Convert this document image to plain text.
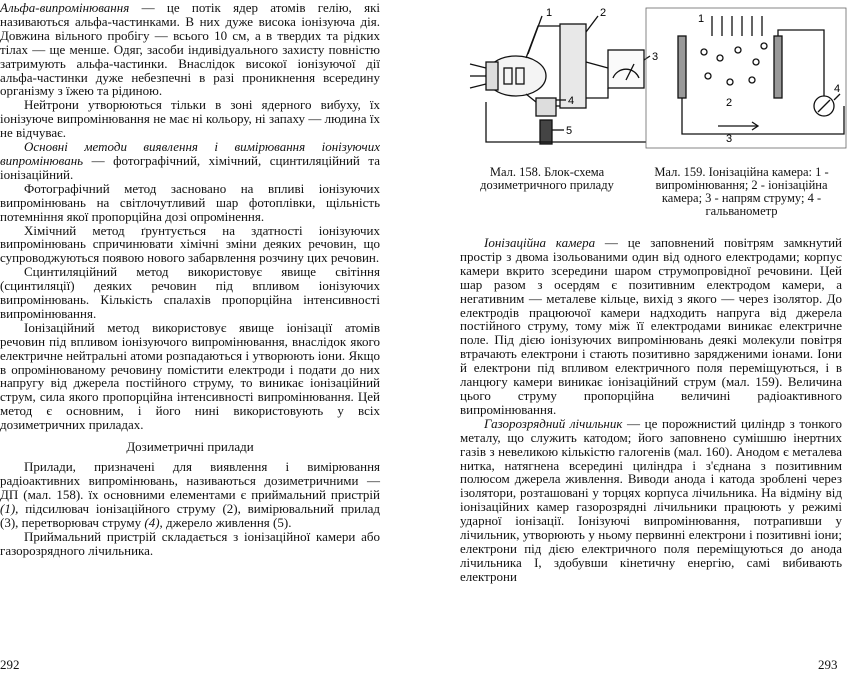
Альфа-випромінювання — це потік ядер атомів гелію, які називаються альфа-частинками. В них дуже висока іонізуюча дія. Довжина вільного пробігу — всього 10 см, а в твердих та рідких тілах — ще менше. Одяг, засоби індивідуального захисту повністю затримують альфа-частинки. Внаслідок високої іонізуючої дії альфа-частинки дуже небезпечні в разі проникнення всередину організму з їжею та рідиною.

Нейтрони утворюються тільки в зоні ядерного вибуху, їх іонізуюче випромінювання не має ні кольору, ні запаху — людина їх не відчуває.

Основні методи виявлення і вимірювання іонізуючих випромінювань — фотографічний, хімічний, сцинтиляційний та іонізаційний.

Фотографічний метод засновано на впливі іонізуючих випромінювань на світлочутливий шар фотоплівки, щільність потемніння якої пропорційна дозі опромінення.

Хімічний метод ґрунтується на здатності іонізуючих випромінювань спричинювати хімічні зміни деяких речовин, що супроводжуються появою нового забарвлення розчину цих речовин.

Сцинтиляційний метод використовує явище світіння (сцинтиляції) деяких речовин під впливом іонізуючих випромінювань. Кількість спалахів пропорційна інтенсивності випромінювання.

Іонізаційний метод використовує явище іонізації атомів речовин під впливом іонізуючого випромінювання, внаслідок якого електричне нейтральні атоми розпадаються і утворюють іони. Якщо в опромінюваному речовину помістити електроди і подати до них напругу від джерела постійного струму, то виникає іонізаційний струм, сила якого пропорційна інтенсивності випромінювання. Цей метод є основним, і його нині використовують у всіх дозиметричних приладах.

Дозиметричні прилади

Прилади, призначені для виявлення і вимірювання радіоактивних випромінювань, називаються дозиметричними — ДП (мал. 158). їх основними елементами є приймальний пристрій (1), підсилювач іонізаційного струму (2), вимірювальний прилад (3), перетворювач струму (4), джерело живлення (5).

Приймальний пристрій складається з іонізаційної камери або газорозрядного лічильника.

292
1	2
3
4
5
1
2
3
4
Мал. 158. Блок-схема дозиметричного приладу
Мал. 159. Іонізаційна камера: 1 - випромінювання; 2 - іонізаційна камера; 3 - напрям струму; 4 - гальванометр

Іонізаційна камера — це заповнений повітрям замкнутий простір з двома ізольованими один від одного електродами; корпус камери вкрито зсередини шаром струмопровідної речовини. Цей шар разом з осердям є позитивним електродом камери, а негативним — металеве кільце, вихід з якого — через ізолятор. До електродів працюючої камери надходить напруга від джерела постійного струму, тому між її електродами виникає електричне поле. Під дією іонізуючих випромінювань деякі молекули повітря втрачають електрони і стають позитивно зарядженими іонами. Іони й електрони під впливом електричного поля переміщуються, і в ланцюгу камери виникає іонізаційний струм (мал. 159). Величина цього струму пропорційна величині радіоактивного випромінювання.

Газорозрядний лічильник — це порожнистий циліндр з тонкого металу, що служить катодом; його заповнено сумішшю інертних газів з невеликою кількістю галогенів (мал. 160). Анодом є металева нитка, натягнена всередині циліндра і з'єднана з позитивним полюсом джерела живлення. Виводи анода і катода зроблені через ізолятори, розташовані у торцях корпуса лічильника. На відміну від іонізаційних камер газорозрядні лічильники працюють у режимі ударної іонізації. Іонізуючі випромінювання, потрапивши у лічильник, утворюють у ньому первинні електрони і позитивні іони; електрони під дією електричного поля переміщуються до анода лічильника І, здобувши кінетичну енергію, самі вибивають електрони

293
